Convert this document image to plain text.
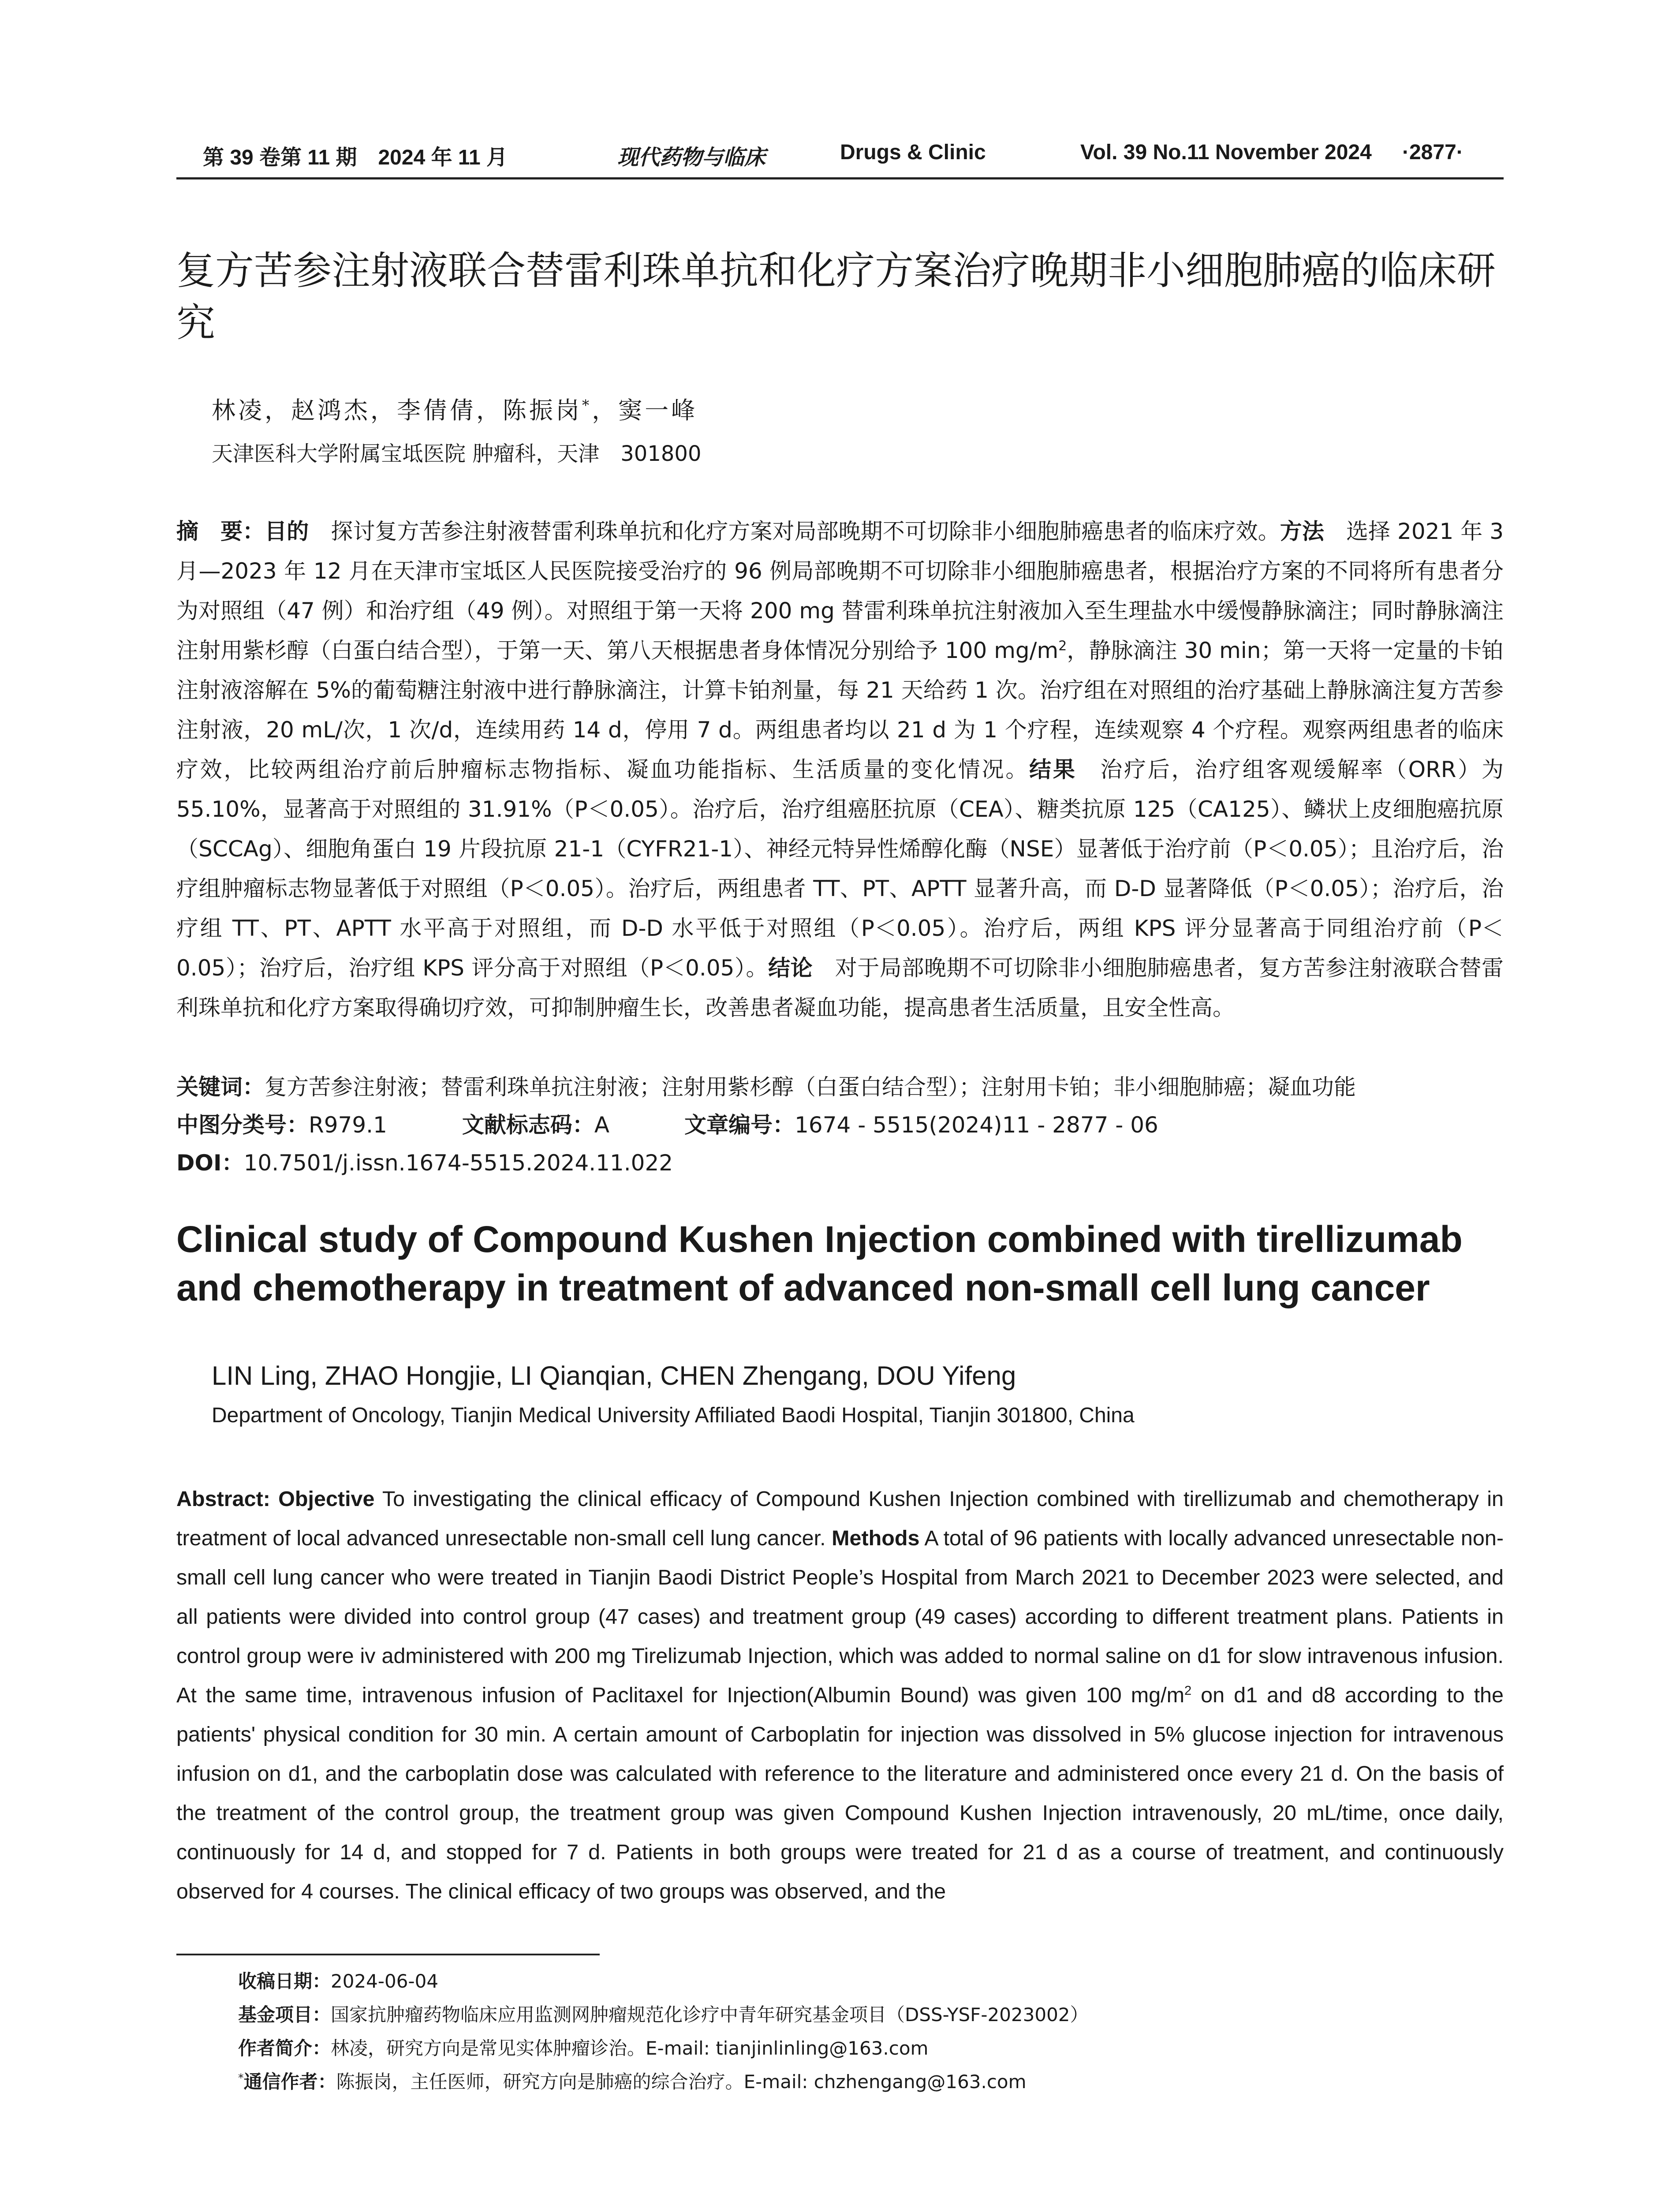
第 39 卷第 11 期　2024 年 11 月	现代药物与临床	Drugs & Clinic	Vol. 39 No.11 November 2024 ·2877·
复方苦参注射液联合替雷利珠单抗和化疗方案治疗晚期非小细胞肺癌的临床研究
林凌，赵鸿杰，李倩倩，陈振岗*，窦一峰
天津医科大学附属宝坻医院 肿瘤科，天津　301800
摘　要：目的　探讨复方苦参注射液替雷利珠单抗和化疗方案对局部晚期不可切除非小细胞肺癌患者的临床疗效。方法　选择 2021 年 3 月—2023 年 12 月在天津市宝坻区人民医院接受治疗的 96 例局部晚期不可切除非小细胞肺癌患者，根据治疗方案的不同将所有患者分为对照组（47 例）和治疗组（49 例）。对照组于第一天将 200 mg 替雷利珠单抗注射液加入至生理盐水中缓慢静脉滴注；同时静脉滴注注射用紫杉醇（白蛋白结合型），于第一天、第八天根据患者身体情况分别给予 100 $mg/m^2$，静脉滴注 30 min；第一天将一定量的卡铂注射液溶解在 5%的葡萄糖注射液中进行静脉滴注，计算卡铂剂量，每 21 天给药 1 次。治疗组在对照组的治疗基础上静脉滴注复方苦参注射液，20 mL/次，1 次/d，连续用药 14 d，停用 7 d。两组患者均以 21 d 为 1 个疗程，连续观察 4 个疗程。观察两组患者的临床疗效，比较两组治疗前后肿瘤标志物指标、凝血功能指标、生活质量的变化情况。结果　治疗后，治疗组客观缓解率（ORR）为 55.10%，显著高于对照组的 31.91%（P＜0.05）。治疗后，治疗组癌胚抗原（CEA）、糖类抗原 125（CA125）、鳞状上皮细胞癌抗原（SCCAg）、细胞角蛋白 19 片段抗原 21-1（CYFR21-1）、神经元特异性烯醇化酶（NSE）显著低于治疗前（P＜0.05）；且治疗后，治疗组肿瘤标志物显著低于对照组（P＜0.05）。治疗后，两组患者 TT、PT、APTT 显著升高，而 D-D 显著降低（P＜0.05）；治疗后，治疗组 TT、PT、APTT 水平高于对照组，而 D-D 水平低于对照组（P＜0.05）。治疗后，两组 KPS 评分显著高于同组治疗前（P＜0.05）；治疗后，治疗组 KPS 评分高于对照组（P＜0.05）。结论　对于局部晚期不可切除非小细胞肺癌患者，复方苦参注射液联合替雷利珠单抗和化疗方案取得确切疗效，可抑制肿瘤生长，改善患者凝血功能，提高患者生活质量，且安全性高。
关键词：复方苦参注射液；替雷利珠单抗注射液；注射用紫杉醇（白蛋白结合型）；注射用卡铂；非小细胞肺癌；凝血功能
中图分类号：R979.1	文献标志码：A	文章编号：1674 - 5515(2024)11 - 2877 - 06
DOI：10.7501/j.issn.1674-5515.2024.11.022
Clinical study of Compound Kushen Injection combined with tirellizumab and chemotherapy in treatment of advanced non-small cell lung cancer
LIN Ling, ZHAO Hongjie, LI Qianqian, CHEN Zhengang, DOU Yifeng
Department of Oncology, Tianjin Medical University Affiliated Baodi Hospital, Tianjin 301800, China
Abstract: Objective To investigating the clinical efficacy of Compound Kushen Injection combined with tirellizumab and chemotherapy in treatment of local advanced unresectable non-small cell lung cancer. Methods A total of 96 patients with locally advanced unresectable non-small cell lung cancer who were treated in Tianjin Baodi District People’s Hospital from March 2021 to December 2023 were selected, and all patients were divided into control group (47 cases) and treatment group (49 cases) according to different treatment plans. Patients in control group were iv administered with 200 mg Tirelizumab Injection, which was added to normal saline on d1 for slow intravenous infusion. At the same time, intravenous infusion of Paclitaxel for Injection(Albumin Bound) was given 100 $mg/m^2$ on d1 and d8 according to the patients' physical condition for 30 min. A certain amount of Carboplatin for injection was dissolved in 5% glucose injection for intravenous infusion on d1, and the carboplatin dose was calculated with reference to the literature and administered once every 21 d. On the basis of the treatment of the control group, the treatment group was given Compound Kushen Injection intravenously, 20 mL/time, once daily, continuously for 14 d, and stopped for 7 d. Patients in both groups were treated for 21 d as a course of treatment, and continuously observed for 4 courses. The clinical efficacy of two groups was observed, and the
收稿日期：2024-06-04
基金项目：国家抗肿瘤药物临床应用监测网肿瘤规范化诊疗中青年研究基金项目（DSS-YSF-2023002）
作者简介：林凌，研究方向是常见实体肿瘤诊治。E-mail: tianjinlinling@163.com
*通信作者：陈振岗，主任医师，研究方向是肺癌的综合治疗。E-mail: chzhengang@163.com
